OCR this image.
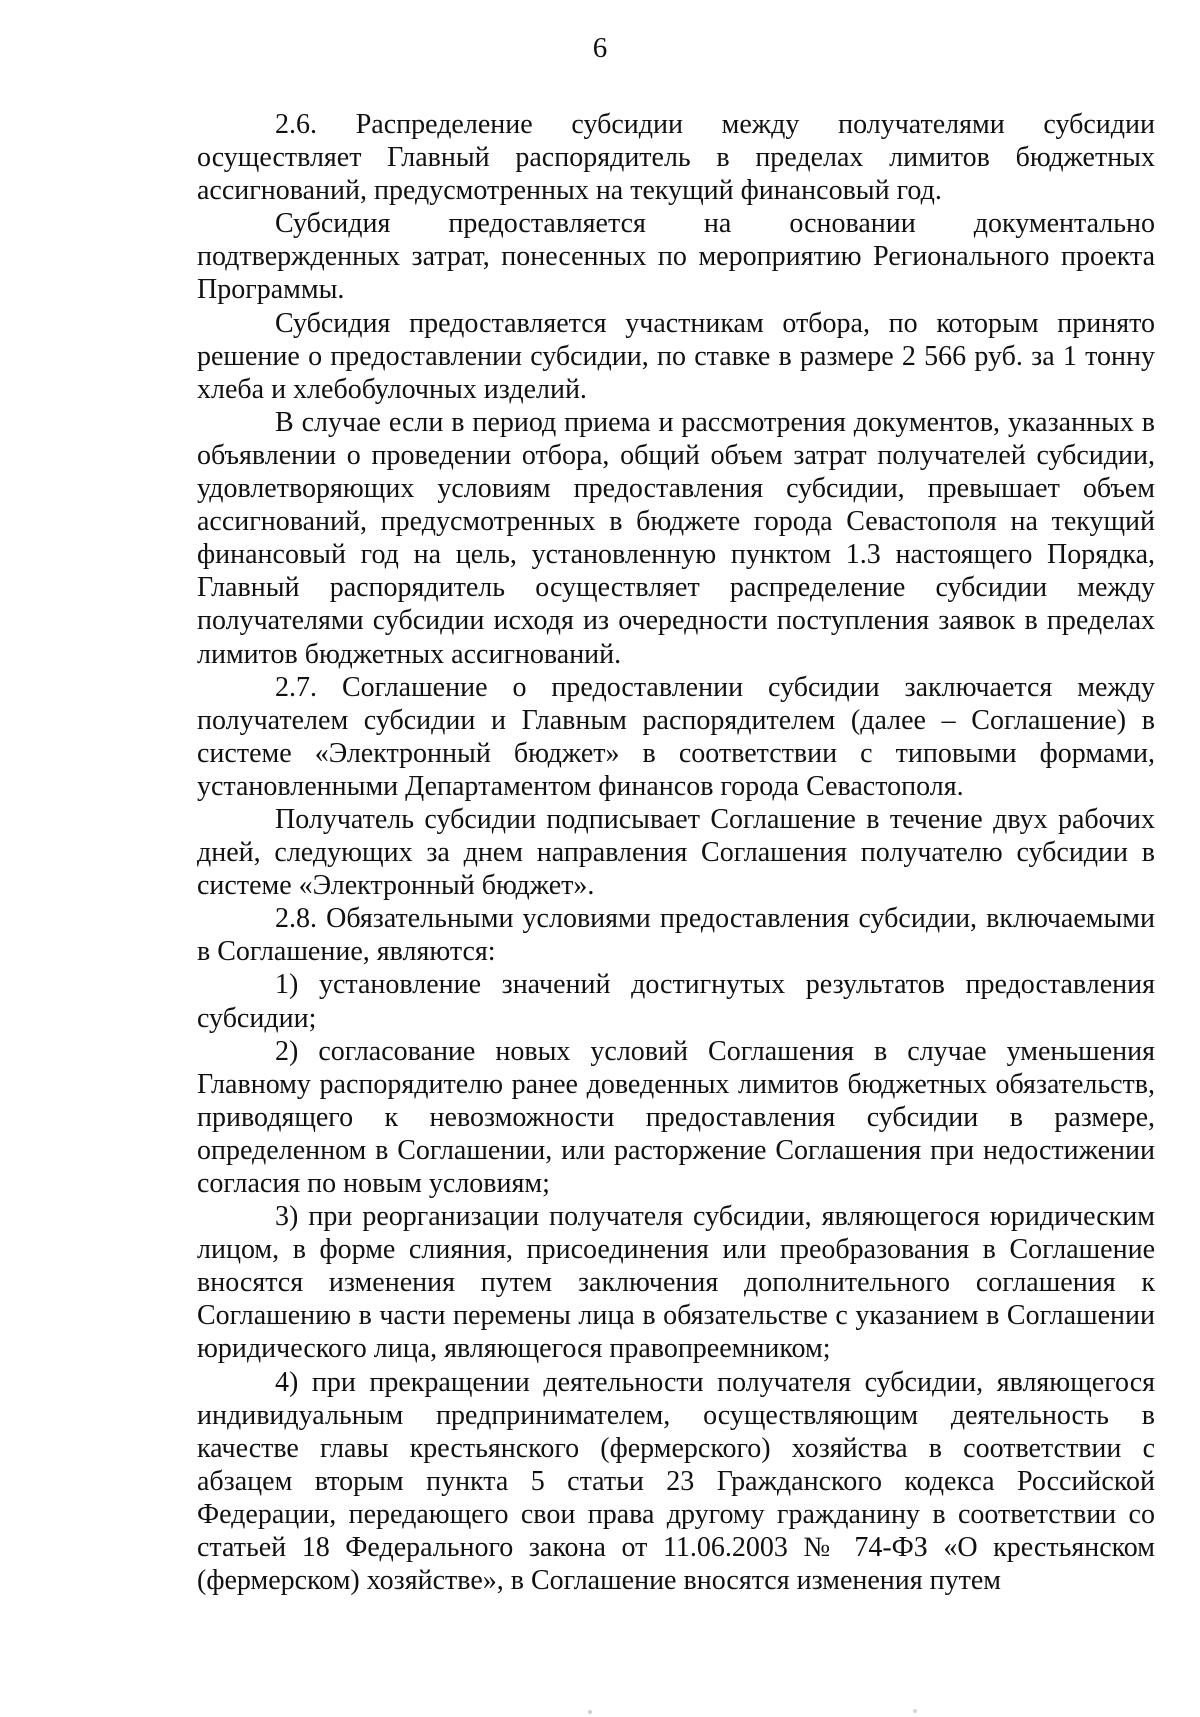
6

2.6. Распределение субсидии между получателями субсидии осуществляет Главный распорядитель в пределах лимитов бюджетных ассигнований, предусмотренных на текущий финансовый год.

Субсидия предоставляется на основании документально подтвержденных затрат, понесенных по мероприятию Регионального проекта Программы.

Субсидия предоставляется участникам отбора, по которым принято решение о предоставлении субсидии, по ставке в размере 2 566 руб. за 1 тонну хлеба и хлебобулочных изделий.

В случае если в период приема и рассмотрения документов, указанных в объявлении о проведении отбора, общий объем затрат получателей субсидии, удовлетворяющих условиям предоставления субсидии, превышает объем ассигнований, предусмотренных в бюджете города Севастополя на текущий финансовый год на цель, установленную пунктом 1.3 настоящего Порядка, Главный распорядитель осуществляет распределение субсидии между получателями субсидии исходя из очередности поступления заявок в пределах лимитов бюджетных ассигнований.

2.7. Соглашение о предоставлении субсидии заключается между получателем субсидии и Главным распорядителем (далее – Соглашение) в системе «Электронный бюджет» в соответствии с типовыми формами, установленными Департаментом финансов города Севастополя.

Получатель субсидии подписывает Соглашение в течение двух рабочих дней, следующих за днем направления Соглашения получателю субсидии в системе «Электронный бюджет».

2.8. Обязательными условиями предоставления субсидии, включаемыми в Соглашение, являются:

1) установление значений достигнутых результатов предоставления субсидии;

2) согласование новых условий Соглашения в случае уменьшения Главному распорядителю ранее доведенных лимитов бюджетных обязательств, приводящего к невозможности предоставления субсидии в размере, определенном в Соглашении, или расторжение Соглашения при недостижении согласия по новым условиям;

3) при реорганизации получателя субсидии, являющегося юридическим лицом, в форме слияния, присоединения или преобразования в Соглашение вносятся изменения путем заключения дополнительного соглашения к Соглашению в части перемены лица в обязательстве с указанием в Соглашении юридического лица, являющегося правопреемником;

4) при прекращении деятельности получателя субсидии, являющегося индивидуальным предпринимателем, осуществляющим деятельность в качестве главы крестьянского (фермерского) хозяйства в соответствии с абзацем вторым пункта 5 статьи 23 Гражданского кодекса Российской Федерации, передающего свои права другому гражданину в соответствии со статьей 18 Федерального закона от 11.06.2003 № 74-ФЗ «О крестьянском (фермерском) хозяйстве», в Соглашение вносятся изменения путем
